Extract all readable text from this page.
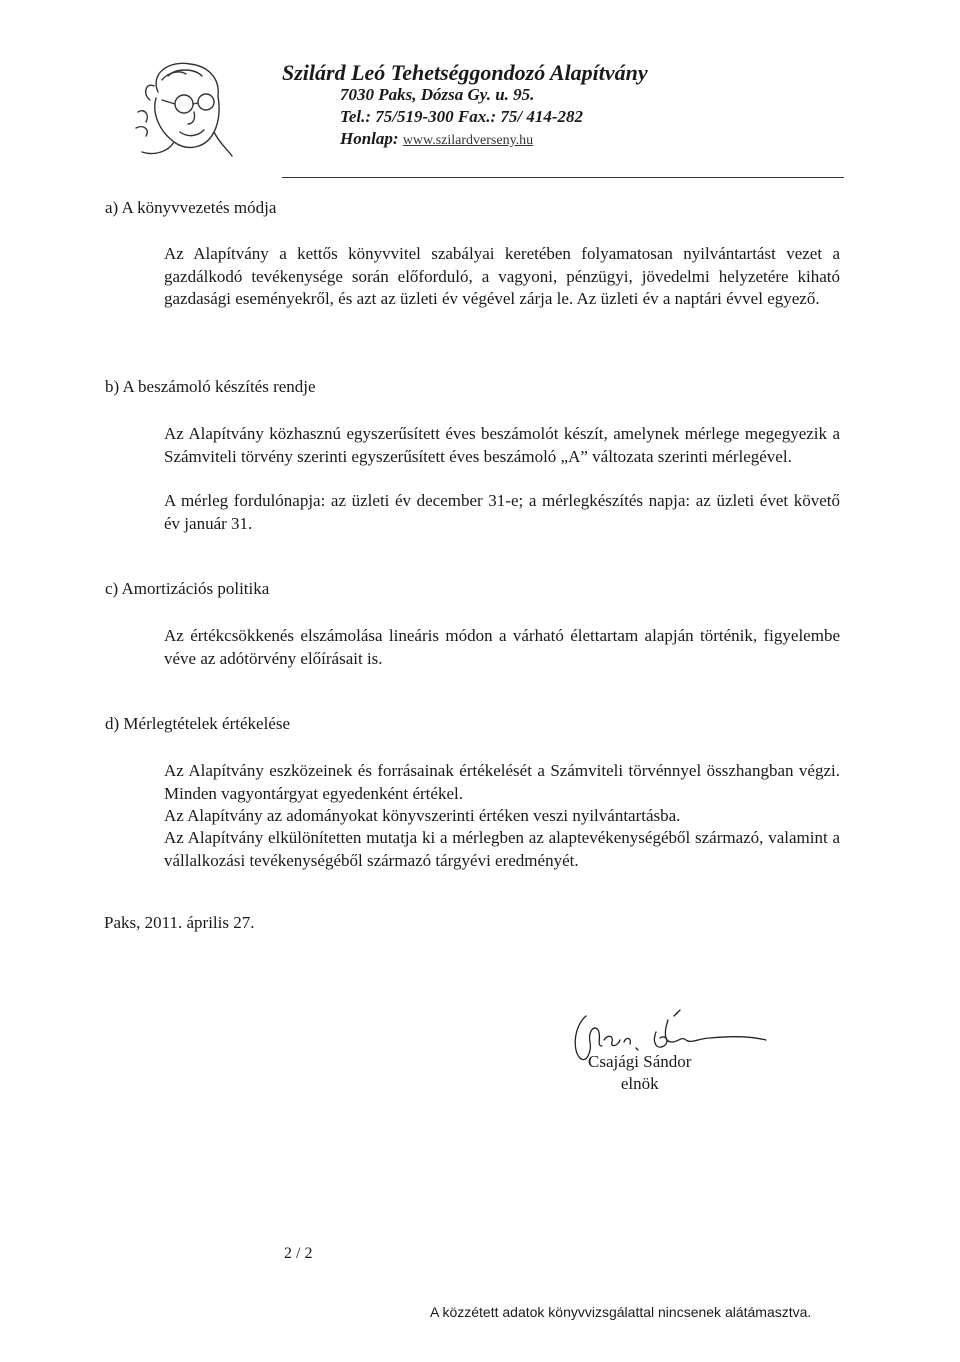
Szilárd Leó Tehetséggondozó Alapítvány
7030 Paks, Dózsa Gy. u. 95.
Tel.: 75/519-300 Fax.: 75/ 414-282
Honlap: www.szilardverseny.hu
a) A könyvvezetés módja
Az Alapítvány a kettős könyvvitel szabályai keretében folyamatosan nyilvántartást vezet a gazdálkodó tevékenysége során előforduló, a vagyoni, pénzügyi, jövedelmi helyzetére kiható gazdasági eseményekről, és azt az üzleti év végével zárja le. Az üzleti év a naptári évvel egyező.
b) A beszámoló készítés rendje
Az Alapítvány közhasznú egyszerűsített éves beszámolót készít, amelynek mérlege megegyezik a Számviteli törvény szerinti egyszerűsített éves beszámoló „A” változata szerinti mérlegével.
A mérleg fordulónapja: az üzleti év december 31-e; a mérlegkészítés napja: az üzleti évet követő év január 31.
c) Amortizációs politika
Az értékcsökkenés elszámolása lineáris módon a várható élettartam alapján történik, figyelembe véve az adótörvény előírásait is.
d) Mérlegtételek értékelése
Az Alapítvány eszközeinek és forrásainak értékelését a Számviteli törvénnyel összhangban végzi. Minden vagyontárgyat egyedenként értékel.
Az Alapítvány az adományokat könyvszerinti értéken veszi nyilvántartásba.
Az Alapítvány elkülönítetten mutatja ki a mérlegben az alaptevékenységéből származó, valamint a vállalkozási tevékenységéből származó tárgyévi eredményét.
Paks, 2011. április 27.
Csajági Sándor
elnök
2 / 2
A közzétett adatok könyvvizsgálattal nincsenek alátámasztva.
